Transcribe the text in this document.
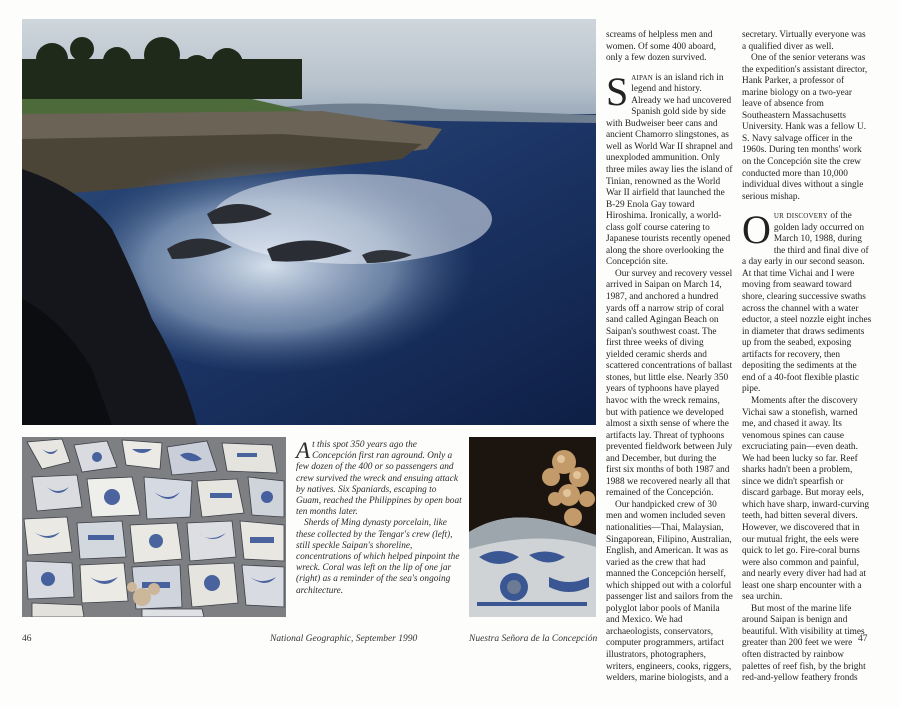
At this spot 350 years ago the Concepción first ran aground. Only a few dozen of the 400 or so passengers and crew survived the wreck and ensuing attack by natives. Six Spaniards, escaping to Guam, reached the Philippines by open boat ten months later.

Sherds of Ming dynasty porcelain, like these collected by the Tengar's crew (left), still speckle Saipan's shoreline, concentrations of which helped pinpoint the wreck. Coral was left on the lip of one jar (right) as a reminder of the sea's ongoing architecture.

screams of helpless men and women. Of some 400 aboard, only a few dozen survived.

Saipan is an island rich in legend and history. Already we had uncovered Spanish gold side by side with Budweiser beer cans and ancient Chamorro slingstones, as well as World War II shrapnel and unexploded ammunition. Only three miles away lies the island of Tinian, renowned as the World War II airfield that launched the B-29 Enola Gay toward Hiroshima. Ironically, a world-class golf course catering to Japanese tourists recently opened along the shore overlooking the Concepción site.

Our survey and recovery vessel arrived in Saipan on March 14, 1987, and anchored a hundred yards off a narrow strip of coral sand called Agingan Beach on Saipan's southwest coast. The first three weeks of diving yielded ceramic sherds and scattered concentrations of ballast stones, but little else. Nearly 350 years of typhoons have played havoc with the wreck remains, but with patience we developed almost a sixth sense of where the artifacts lay. Threat of typhoons prevented fieldwork between July and December, but during the first six months of both 1987 and 1988 we recovered nearly all that remained of the Concepción.

Our handpicked crew of 30 men and women included seven nationalities—Thai, Malaysian, Singaporean, Filipino, Australian, English, and American. It was as varied as the crew that had manned the Concepción herself, which shipped out with a colorful passenger list and sailors from the polyglot labor pools of Manila and Mexico. We had archaeologists, conservators, computer programmers, artifact illustrators, photographers, writers, engineers, cooks, riggers, welders, marine biologists, and a

secretary. Virtually everyone was a qualified diver as well.

One of the senior veterans was the expedition's assistant director, Hank Parker, a professor of marine biology on a two-year leave of absence from Southeastern Massachusetts University. Hank was a fellow U. S. Navy salvage officer in the 1960s. During ten months' work on the Concepción site the crew conducted more than 10,000 individual dives without a single serious mishap.

Our discovery of the golden lady occurred on March 10, 1988, during the third and final dive of a day early in our second season. At that time Vichai and I were moving from seaward toward shore, clearing successive swaths across the channel with a water eductor, a steel nozzle eight inches in diameter that draws sediments up from the seabed, exposing artifacts for recovery, then depositing the sediments at the end of a 40-foot flexible plastic pipe.

Moments after the discovery Vichai saw a stonefish, warned me, and chased it away. Its venomous spines can cause excruciating pain—even death. We had been lucky so far. Reef sharks hadn't been a problem, since we didn't spearfish or discard garbage. But moray eels, which have sharp, inward-curving teeth, had bitten several divers. However, we discovered that in our mutual fright, the eels were quick to let go. Fire-coral burns were also common and painful, and nearly every diver had had at least one sharp encounter with a sea urchin.

But most of the marine life around Saipan is benign and beautiful. With visibility at times greater than 200 feet we were often distracted by rainbow palettes of reef fish, by the bright red-and-yellow feathery fronds

46	National Geographic, September 1990	Nuestra Señora de la Concepción	47
